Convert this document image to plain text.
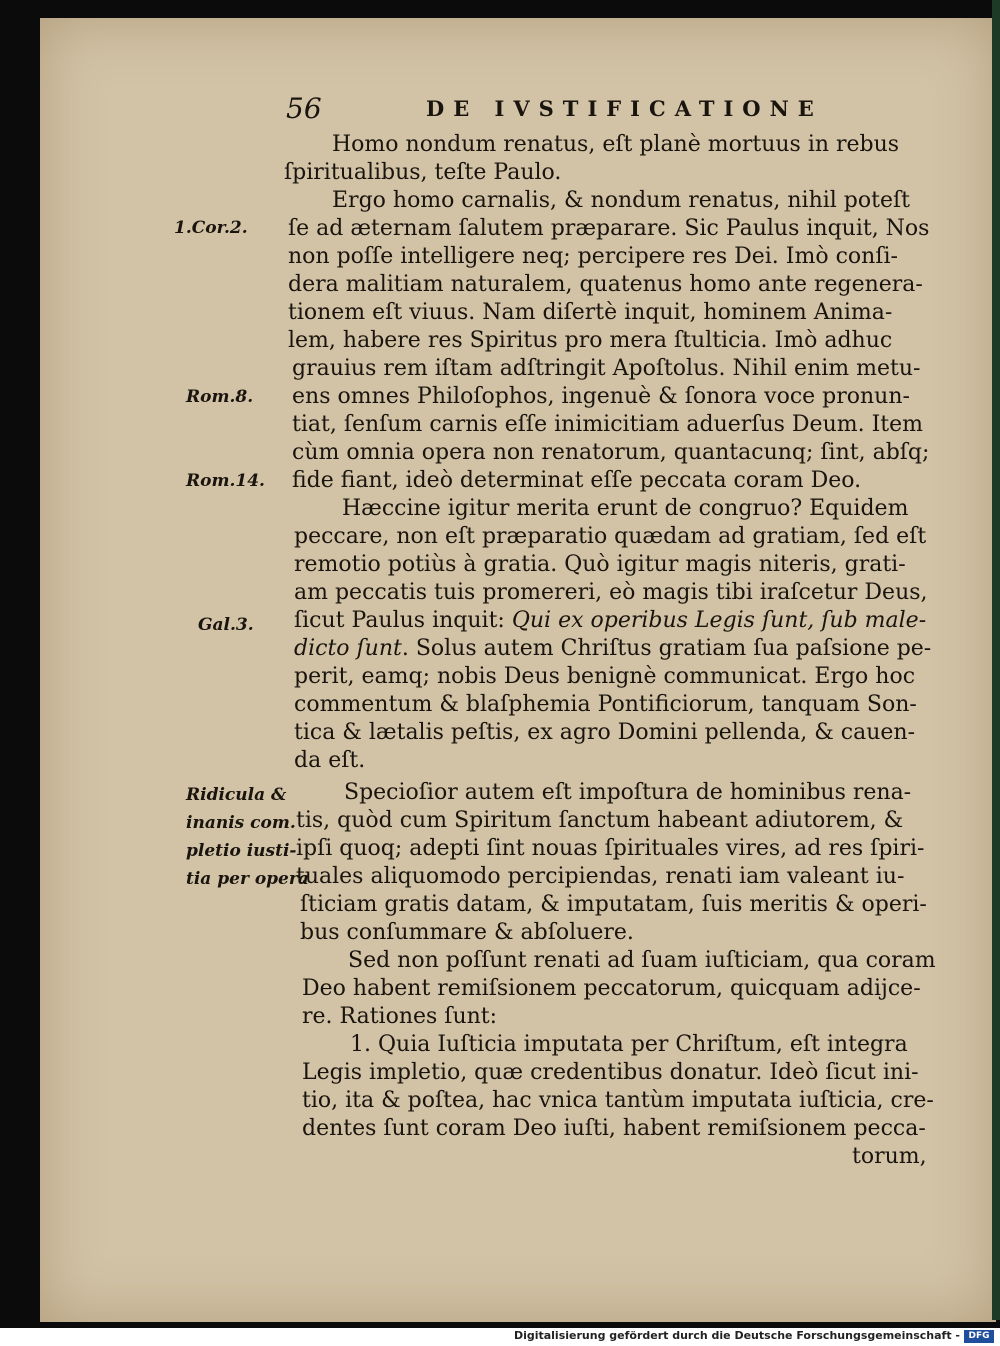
56	DE IVSTIFICATIONE
1.Cor.2.
Rom.8.
Rom.14.
Gal.3.
Ridicula &
inanis com.
pletio iusti-
tia per opera
Homo nondum renatus, eſt planè mortuus in rebus
ſpiritualibus, teſte Paulo.
Ergo homo carnalis, & nondum renatus, nihil poteſt
ſe ad æternam ſalutem præparare. Sic Paulus inquit, Nos
non poſſe intelligere neq; percipere res Dei. Imò conſi-
dera malitiam naturalem, quatenus homo ante regenera-
tionem eſt viuus. Nam diſertè inquit, hominem Anima-
lem, habere res Spiritus pro mera ſtulticia. Imò adhuc
grauius rem iſtam adſtringit Apoſtolus. Nihil enim metu-
ens omnes Philoſophos, ingenuè & ſonora voce pronun-
tiat, ſenſum carnis eſſe inimicitiam aduerſus Deum. Item
cùm omnia opera non renatorum, quantacunq; ſint, abſq;
fide fiant, ideò determinat eſſe peccata coram Deo.
Hæccine igitur merita erunt de congruo? Equidem
peccare, non eſt præparatio quædam ad gratiam, ſed eſt
remotio potiùs à gratia. Quò igitur magis niteris, grati-
am peccatis tuis promereri, eò magis tibi iraſcetur Deus,
ſicut Paulus inquit: Qui ex operibus Legis ſunt, ſub male-
dicto ſunt. Solus autem Chriſtus gratiam ſua paſsione pe-
perit, eamq; nobis Deus benignè communicat. Ergo hoc
commentum & blaſphemia Pontificiorum, tanquam Son-
tica & lætalis peſtis, ex agro Domini pellenda, & cauen-
da eſt.
Specioſior autem eſt impoſtura de hominibus rena-
tis, quòd cum Spiritum ſanctum habeant adiutorem, &
ipſi quoq; adepti ſint nouas ſpirituales vires, ad res ſpiri-
tuales aliquomodo percipiendas, renati iam valeant iu-
ſticiam gratis datam, & imputatam, ſuis meritis & operi-
bus conſummare & abſoluere.
Sed non poſſunt renati ad ſuam iuſticiam, qua coram
Deo habent remiſsionem peccatorum, quicquam adijce-
re. Rationes ſunt:
1. Quia Iuſticia imputata per Chriſtum, eſt integra
Legis impletio, quæ credentibus donatur. Ideò ſicut ini-
tio, ita & poſtea, hac vnica tantùm imputata iuſticia, cre-
dentes ſunt coram Deo iuſti, habent remiſsionem pecca-
torum,
Digitalisierung gefördert durch die Deutsche Forschungsgemeinschaft - DFG
